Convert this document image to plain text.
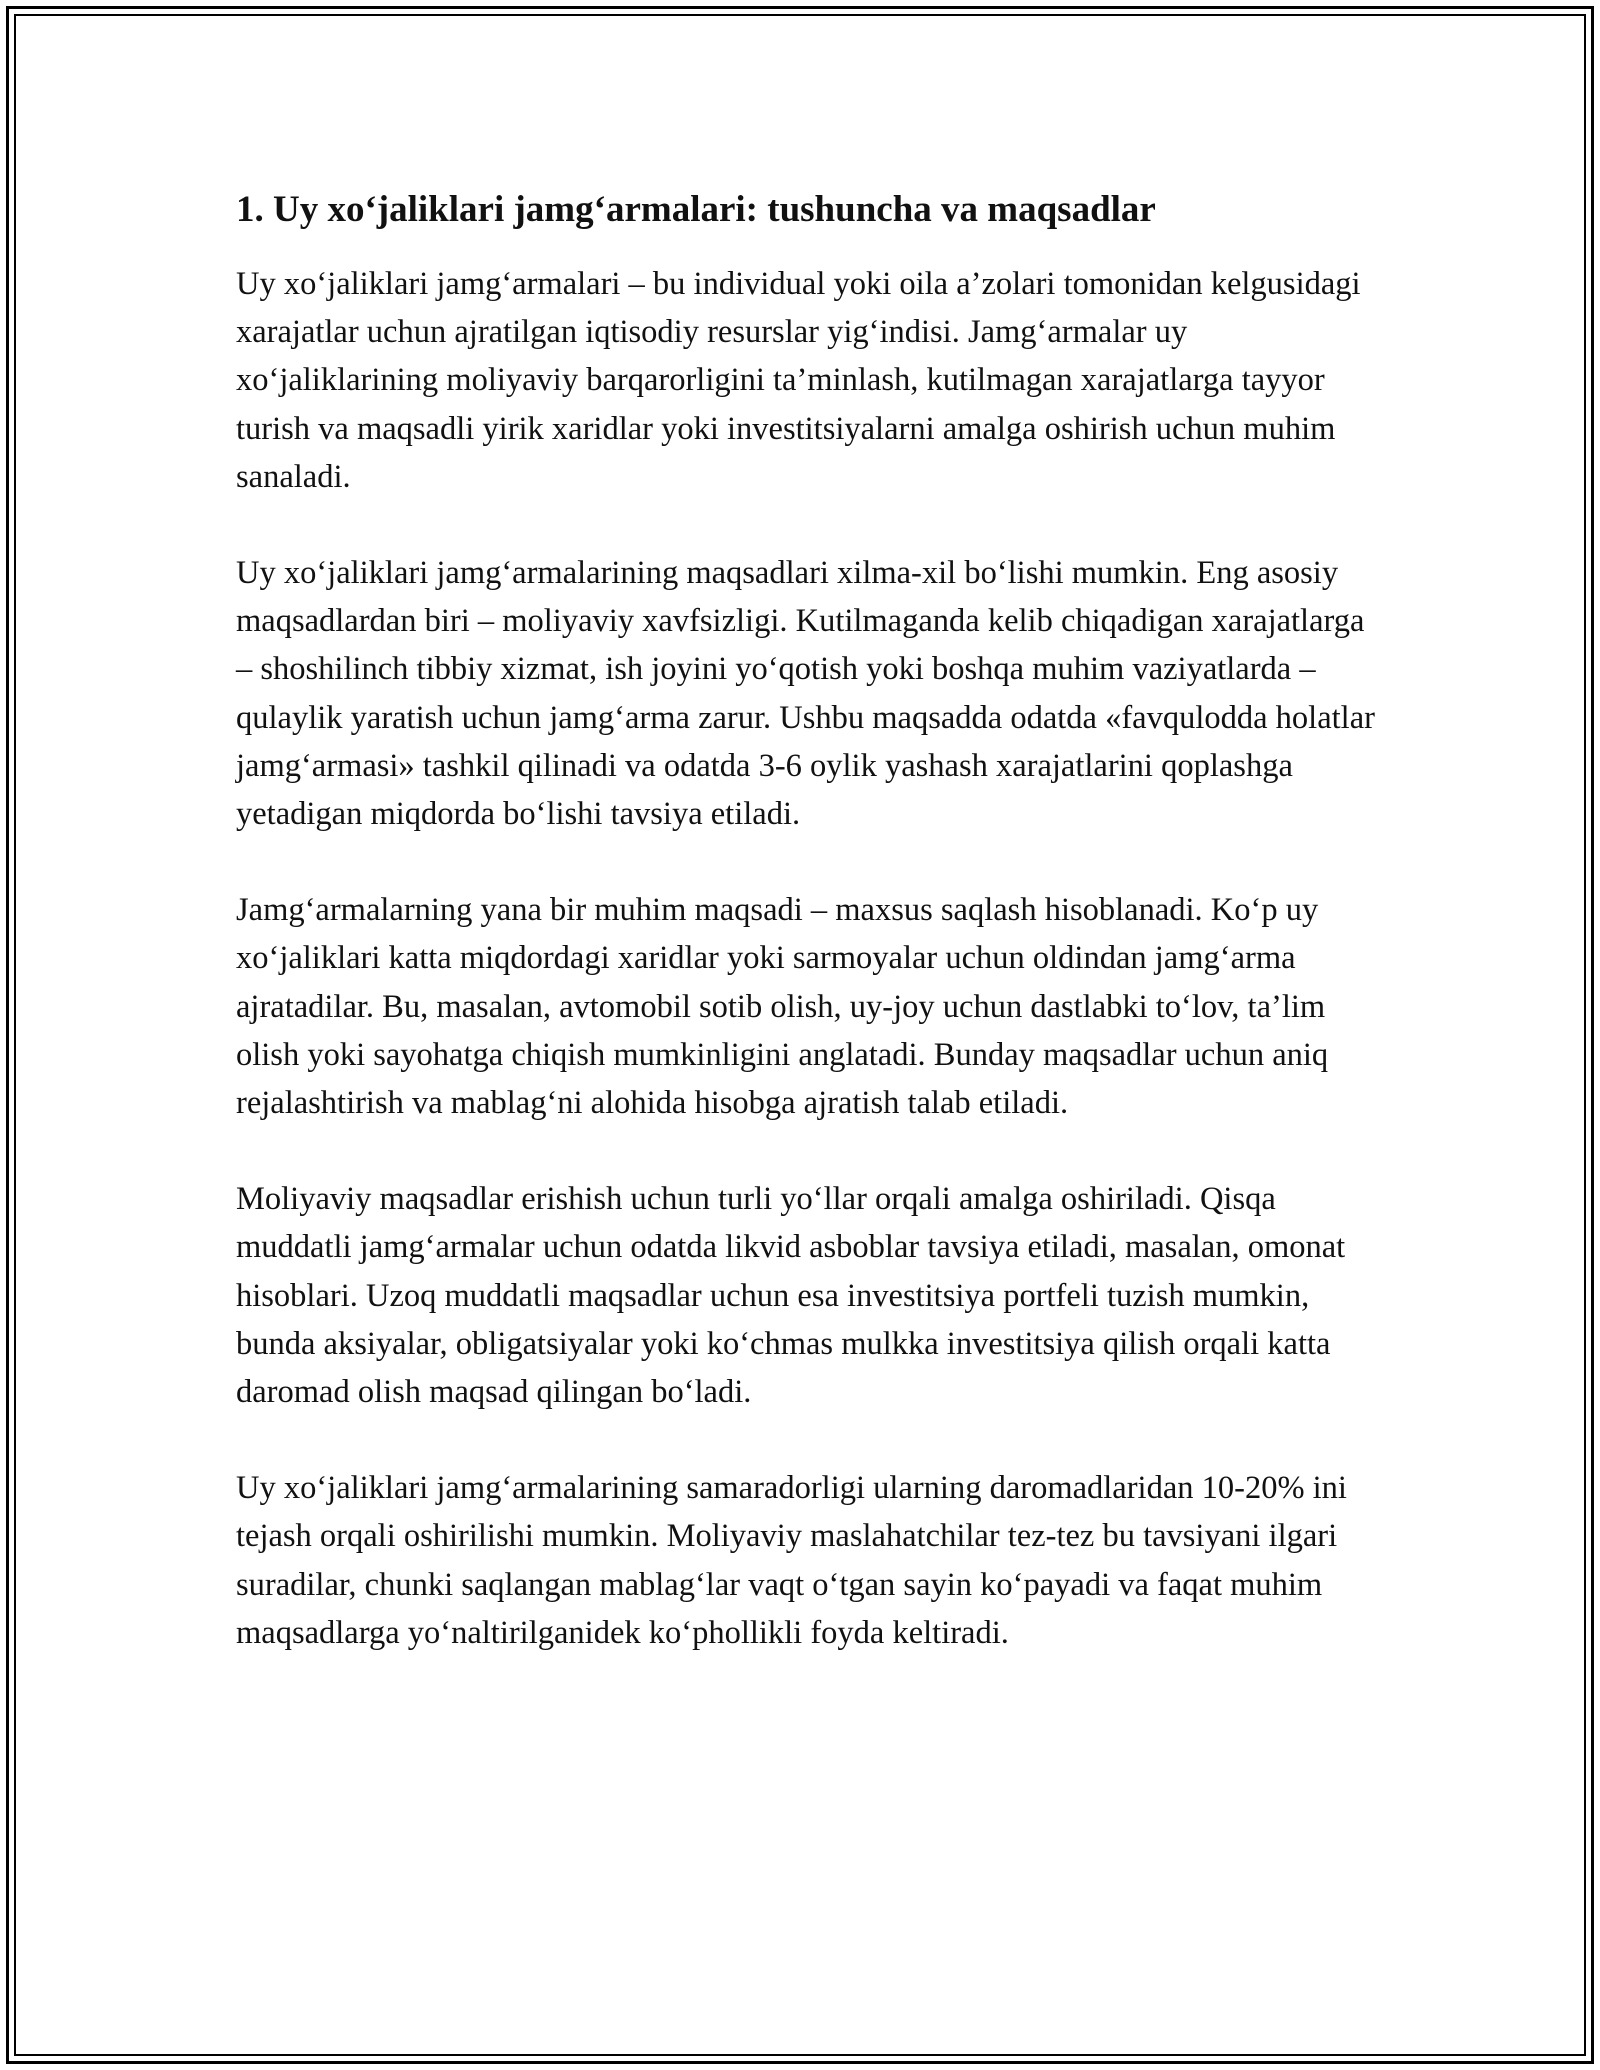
1. Uy xo‘jaliklari jamg‘armalari: tushuncha va maqsadlar

Uy xo‘jaliklari jamg‘armalari – bu individual yoki oila a’zolari tomonidan kelgusidagi xarajatlar uchun ajratilgan iqtisodiy resurslar yig‘indisi. Jamg‘armalar uy xo‘jaliklarining moliyaviy barqarorligini ta’minlash, kutilmagan xarajatlarga tayyor turish va maqsadli yirik xaridlar yoki investitsiyalarni amalga oshirish uchun muhim sanaladi.

Uy xo‘jaliklari jamg‘armalarining maqsadlari xilma-xil bo‘lishi mumkin. Eng asosiy maqsadlardan biri – moliyaviy xavfsizligi. Kutilmaganda kelib chiqadigan xarajatlarga – shoshilinch tibbiy xizmat, ish joyini yo‘qotish yoki boshqa muhim vaziyatlarda – qulaylik yaratish uchun jamg‘arma zarur. Ushbu maqsadda odatda «favqulodda holatlar jamg‘armasi» tashkil qilinadi va odatda 3-6 oylik yashash xarajatlarini qoplashga yetadigan miqdorda bo‘lishi tavsiya etiladi.

Jamg‘armalarning yana bir muhim maqsadi – maxsus saqlash hisoblanadi. Ko‘p uy xo‘jaliklari katta miqdordagi xaridlar yoki sarmoyalar uchun oldindan jamg‘arma ajratadilar. Bu, masalan, avtomobil sotib olish, uy-joy uchun dastlabki to‘lov, ta’lim olish yoki sayohatga chiqish mumkinligini anglatadi. Bunday maqsadlar uchun aniq rejalashtirish va mablag‘ni alohida hisobga ajratish talab etiladi.

Moliyaviy maqsadlar erishish uchun turli yo‘llar orqali amalga oshiriladi. Qisqa muddatli jamg‘armalar uchun odatda likvid asboblar tavsiya etiladi, masalan, omonat hisoblari. Uzoq muddatli maqsadlar uchun esa investitsiya portfeli tuzish mumkin, bunda aksiyalar, obligatsiyalar yoki ko‘chmas mulkka investitsiya qilish orqali katta daromad olish maqsad qilingan bo‘ladi.

Uy xo‘jaliklari jamg‘armalarining samaradorligi ularning daromadlaridan 10-20% ini tejash orqali oshirilishi mumkin. Moliyaviy maslahatchilar tez-tez bu tavsiyani ilgari suradilar, chunki saqlangan mablag‘lar vaqt o‘tgan sayin ko‘payadi va faqat muhim maqsadlarga yo‘naltirilganidek ko‘phollikli foyda keltiradi.
